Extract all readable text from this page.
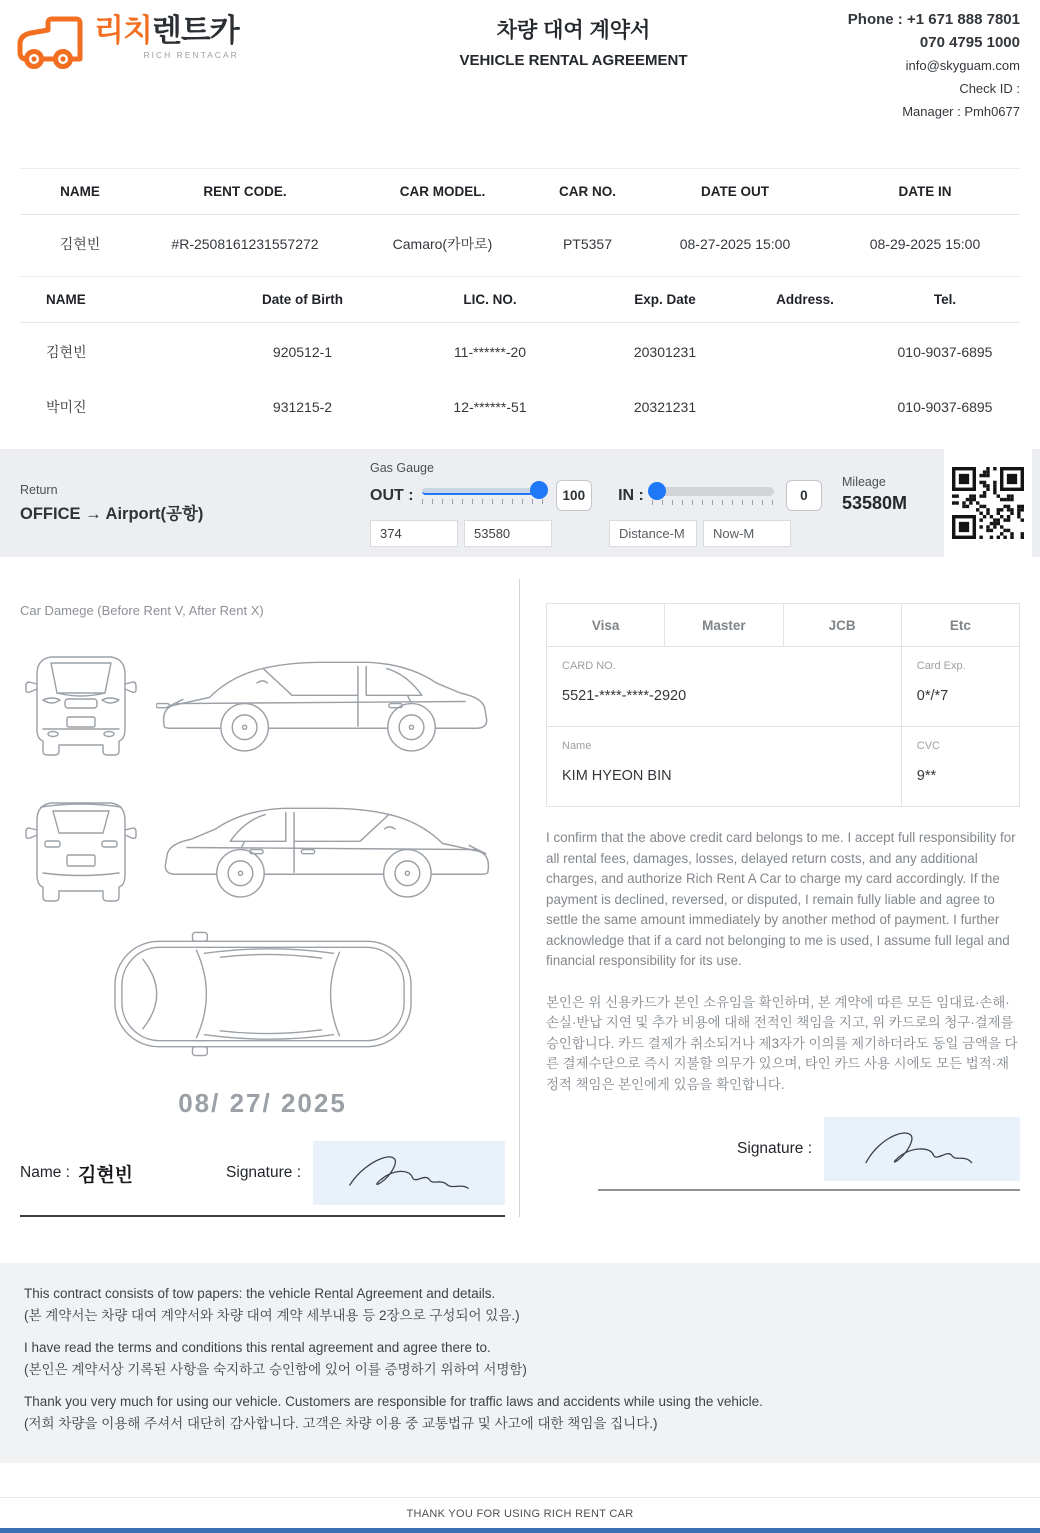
리치렌트카
RICH RENTACAR
차량 대여 계약서
VEHICLE RENTAL AGREEMENT
Phone : +1 671 888 7801
070 4795 1000
info@skyguam.com
Check ID :
Manager : Pmh0677
NAME	RENT CODE.	CAR MODEL.	CAR NO.	DATE OUT	DATE IN
김현빈	#R-2508161231557272	Camaro(카마로)	PT5357	08-27-2025 15:00	08-29-2025 15:00
NAME	Date of Birth	LIC. NO.	Exp. Date	Address.	Tel.
김현빈	920512-1	11-******-20	20301231		010-9037-6895
박미진	931215-2	12-******-51	20321231		010-9037-6895
Return
OFFICE → Airport(공항)
Gas Gauge
OUT :	100	IN :	0
374
53580
Distance-M
Now-M
Mileage
53580M
Car Damege (Before Rent V, After Rent X)
08/ 27/ 2025
Name : 김현빈	Signature :
Visa	Master	JCB	Etc

CARD NO.
5521-****-****-2920

Card Exp.
0*/*7

Name
KIM HYEON BIN

CVC
9**

I confirm that the above credit card belongs to me. I accept full responsibility for all rental fees, damages, losses, delayed return costs, and any additional charges, and authorize Rich Rent A Car to charge my card accordingly. If the payment is declined, reversed, or disputed, I remain fully liable and agree to settle the same amount immediately by another method of payment. I further acknowledge that if a card not belonging to me is used, I assume full legal and financial responsibility for its use.

본인은 위 신용카드가 본인 소유임을 확인하며, 본 계약에 따른 모든 임대료·손해·손실·반납 지연 및 추가 비용에 대해 전적인 책임을 지고, 위 카드로의 청구·결제를 승인합니다. 카드 결제가 취소되거나 제3자가 이의를 제기하더라도 동일 금액을 다른 결제수단으로 즉시 지불할 의무가 있으며, 타인 카드 사용 시에도 모든 법적·재정적 책임은 본인에게 있음을 확인합니다.

Signature :
This contract consists of tow papers: the vehicle Rental Agreement and details.
(본 계약서는 차량 대여 계약서와 차량 대여 계약 세부내용 등 2장으로 구성되어 있음.)
I have read the terms and conditions this rental agreement and agree there to.
(본인은 계약서상 기록된 사항을 숙지하고 승인함에 있어 이를 증명하기 위하여 서명함)
Thank you very much for using our vehicle. Customers are responsible for traffic laws and accidents while using the vehicle.
(저희 차량을 이용해 주셔서 대단히 감사합니다. 고객은 차량 이용 중 교통법규 및 사고에 대한 책임을 집니다.)
THANK YOU FOR USING RICH RENT CAR
